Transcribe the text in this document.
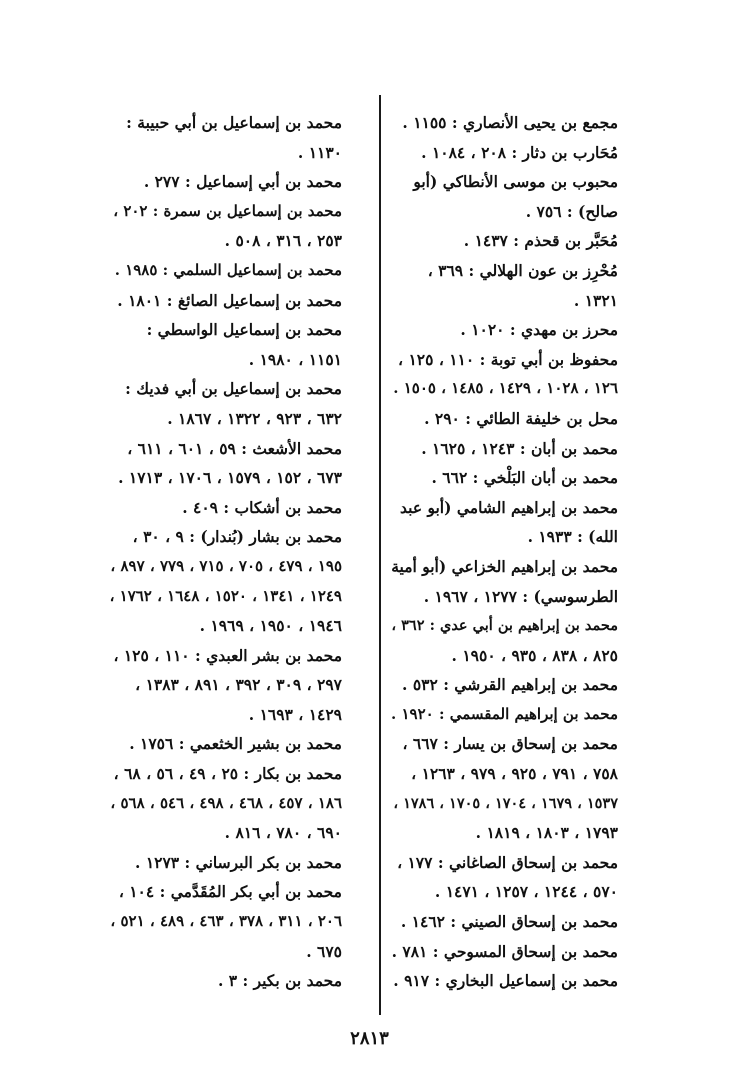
مجمع بن يحيى الأنصاري : ١١٥٥ .
مُحَارب بن دثار : ٢٠٨ ، ١٠٨٤ .
محبوب بن موسى الأنطاكي (أبو
صالح) : ٧٥٦ .
مُحَبَّر بن قحذم : ١٤٣٧ .
مُحْرِز بن عون الهلالي : ٣٦٩ ،
١٣٢١ .
محرز بن مهدي : ١٠٢٠ .
محفوظ بن أبي توبة : ١١٠ ، ١٢٥ ،
١٢٦ ، ١٠٢٨ ، ١٤٢٩ ، ١٤٨٥ ، ١٥٠٥ .
محل بن خليفة الطائي : ٢٩٠ .
محمد بن أبان : ١٢٤٣ ، ١٦٢٥ .
محمد بن أبان البَلْخي : ٦٦٢ .
محمد بن إبراهيم الشامي (أبو عبد
الله) : ١٩٣٣ .
محمد بن إبراهيم الخزاعي (أبو أمية
الطرسوسي) : ١٢٧٧ ، ١٩٦٧ .
محمد بن إبراهيم بن أبي عدي : ٣٦٢ ،
٨٢٥ ، ٨٣٨ ، ٩٣٥ ، ١٩٥٠ .
محمد بن إبراهيم القرشي : ٥٣٢ .
محمد بن إبراهيم المقسمي : ١٩٢٠ .
محمد بن إسحاق بن يسار : ٦٦٧ ،
٧٥٨ ، ٧٩١ ، ٩٢٥ ، ٩٧٩ ، ١٢٦٣ ،
١٥٣٧ ، ١٦٧٩ ، ١٧٠٤ ، ١٧٠٥ ، ١٧٨٦ ،
١٧٩٣ ، ١٨٠٣ ، ١٨١٩ .
محمد بن إسحاق الصاغاني : ١٧٧ ،
٥٧٠ ، ١٢٤٤ ، ١٢٥٧ ، ١٤٧١ .
محمد بن إسحاق الصيني : ١٤٦٢ .
محمد بن إسحاق المسوحي : ٧٨١ .
محمد بن إسماعيل البخاري : ٩١٧ .
محمد بن إسماعيل بن أبي حبيبة :
١١٣٠ .
محمد بن أبي إسماعيل : ٢٧٧ .
محمد بن إسماعيل بن سمرة : ٢٠٢ ،
٢٥٣ ، ٣١٦ ، ٥٠٨ .
محمد بن إسماعيل السلمي : ١٩٨٥ .
محمد بن إسماعيل الصائغ : ١٨٠١ .
محمد بن إسماعيل الواسطي :
١١٥١ ، ١٩٨٠ .
محمد بن إسماعيل بن أبي فديك :
٦٣٢ ، ٩٢٣ ، ١٣٢٢ ، ١٨٦٧ .
محمد الأشعث : ٥٩ ، ٦٠١ ، ٦١١ ،
٦٧٣ ، ١٥٢ ، ١٥٧٩ ، ١٧٠٦ ، ١٧١٣ .
محمد بن أشكاب : ٤٠٩ .
محمد بن بشار (بُندار) : ٩ ، ٣٠ ،
١٩٥ ، ٤٧٩ ، ٧٠٥ ، ٧١٥ ، ٧٧٩ ، ٨٩٧ ،
١٢٤٩ ، ١٣٤١ ، ١٥٢٠ ، ١٦٤٨ ، ١٧٦٢ ،
١٩٤٦ ، ١٩٥٠ ، ١٩٦٩ .
محمد بن بشر العبدي : ١١٠ ، ١٢٥ ،
٢٩٧ ، ٣٠٩ ، ٣٩٢ ، ٨٩١ ، ١٣٨٣ ،
١٤٢٩ ، ١٦٩٣ .
محمد بن بشير الخثعمي : ١٧٥٦ .
محمد بن بكار : ٢٥ ، ٤٩ ، ٥٦ ، ٦٨ ،
١٨٦ ، ٤٥٧ ، ٤٦٨ ، ٤٩٨ ، ٥٤٦ ، ٥٦٨ ،
٦٩٠ ، ٧٨٠ ، ٨١٦ .
محمد بن بكر البرساني : ١٢٧٣ .
محمد بن أبي بكر المُقَدَّمي : ١٠٤ ،
٢٠٦ ، ٣١١ ، ٣٧٨ ، ٤٦٣ ، ٤٨٩ ، ٥٢١ ،
٦٧٥ .
محمد بن بكير : ٣ .
٢٨١٣
